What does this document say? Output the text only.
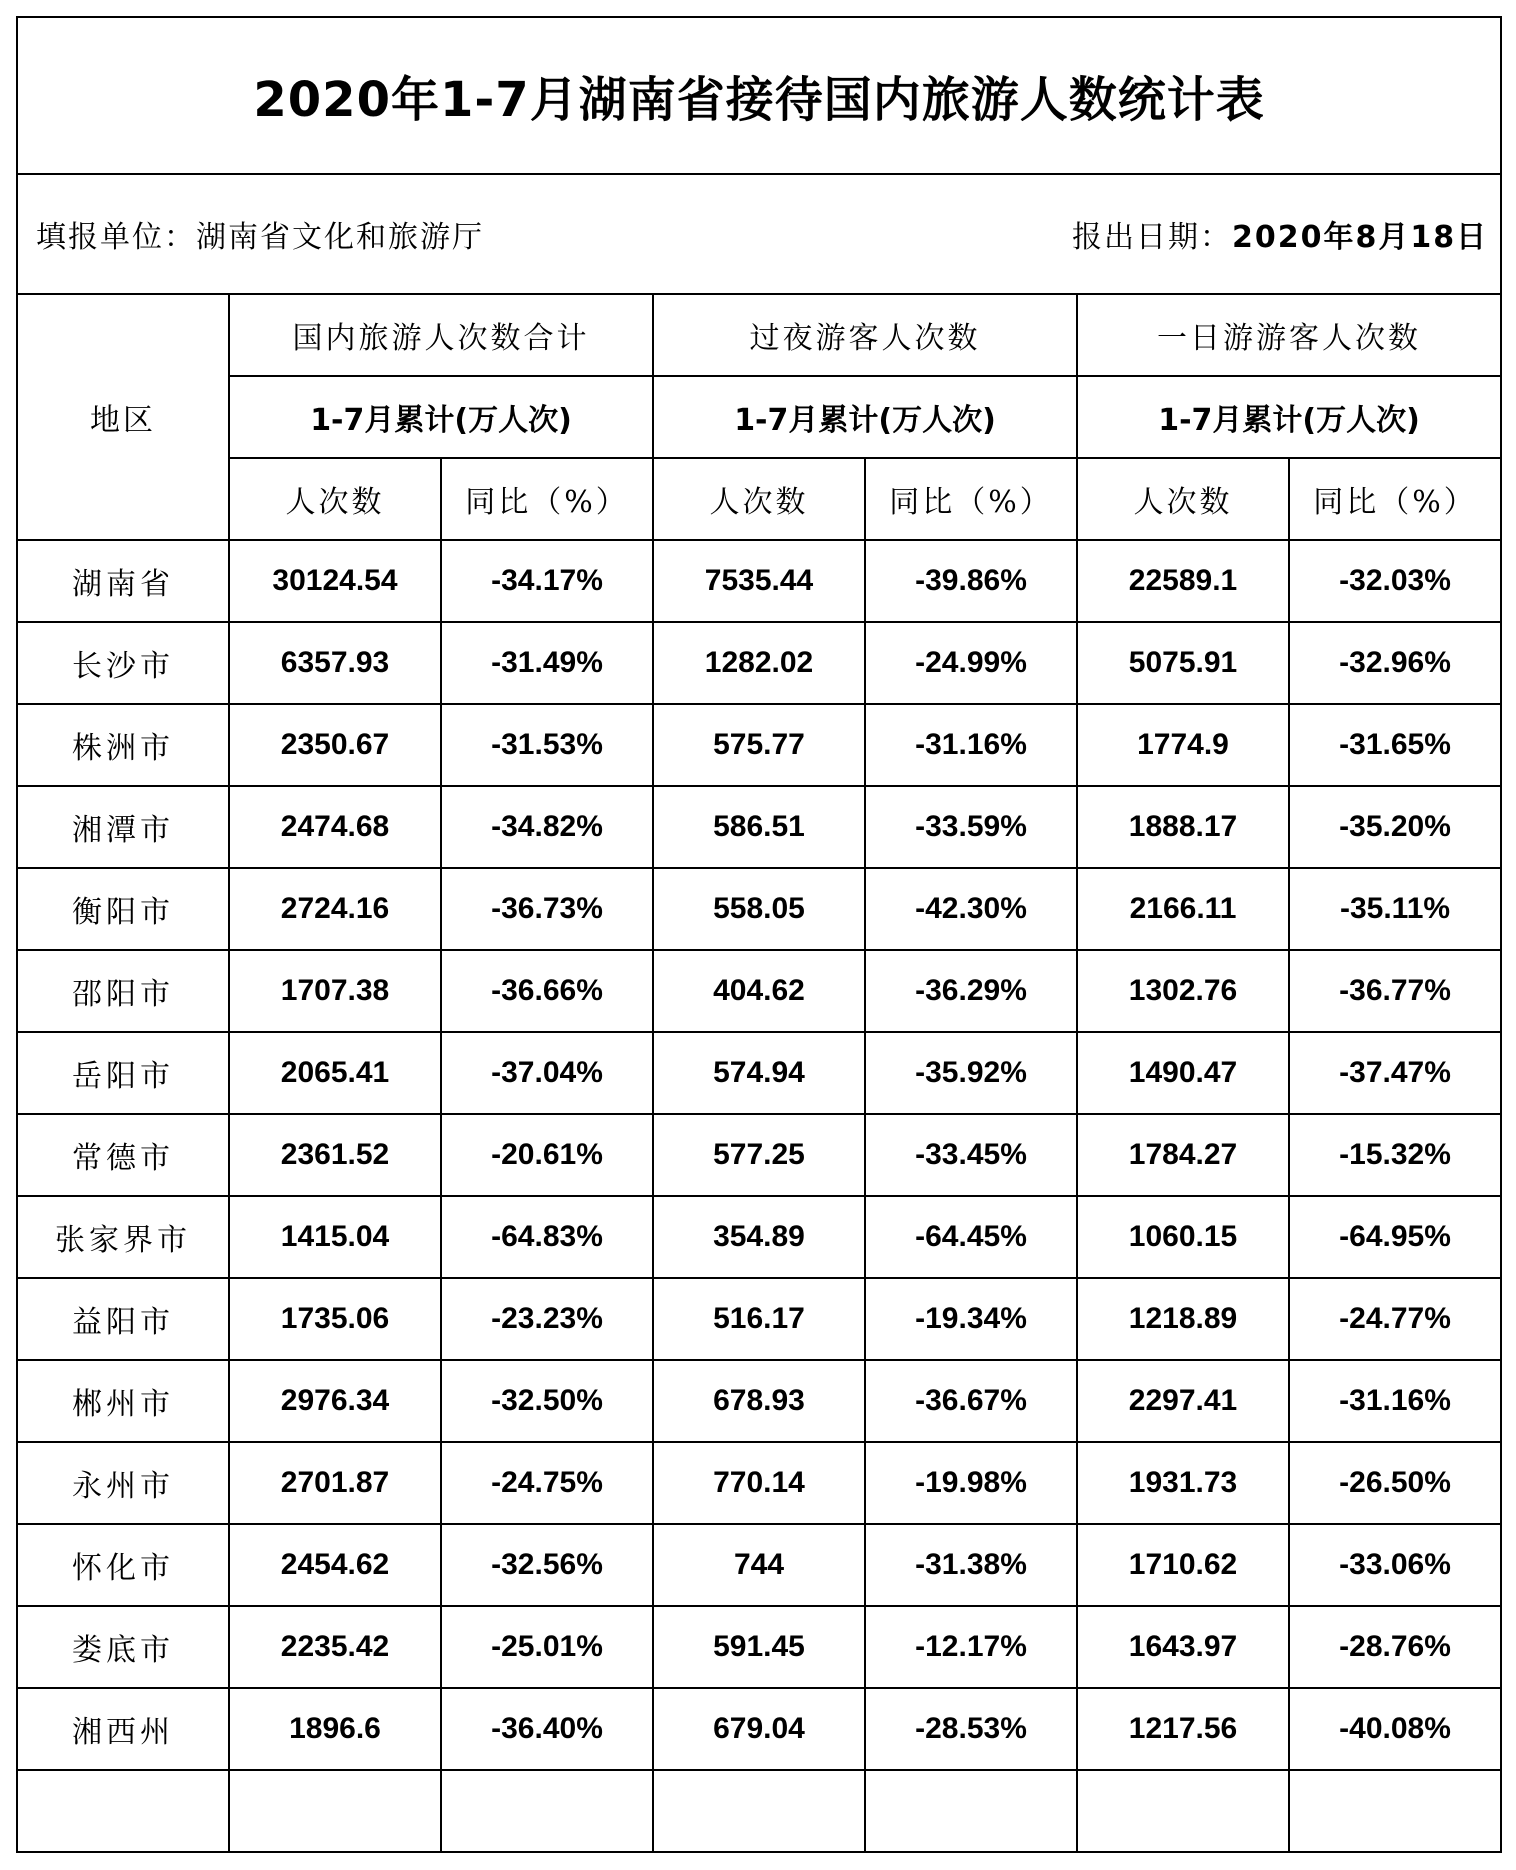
2020年1-7月湖南省接待国内旅游人数统计表						

填报单位：湖南省文化和旅游厅 报出日期：2020年8月18日						

地区	国内旅游人次数合计		过夜游客人次数		一日游游客人次数	
	1-7月累计(万人次)		1-7月累计(万人次)		1-7月累计(万人次)	
	人次数	同比（%）	人次数	同比（%）	人次数	同比（%）
湖南省	30124.54	-34.17%	7535.44	-39.86%	22589.1	-32.03%
长沙市	6357.93	-31.49%	1282.02	-24.99%	5075.91	-32.96%
株洲市	2350.67	-31.53%	575.77	-31.16%	1774.9	-31.65%
湘潭市	2474.68	-34.82%	586.51	-33.59%	1888.17	-35.20%
衡阳市	2724.16	-36.73%	558.05	-42.30%	2166.11	-35.11%
邵阳市	1707.38	-36.66%	404.62	-36.29%	1302.76	-36.77%
岳阳市	2065.41	-37.04%	574.94	-35.92%	1490.47	-37.47%
常德市	2361.52	-20.61%	577.25	-33.45%	1784.27	-15.32%
张家界市	1415.04	-64.83%	354.89	-64.45%	1060.15	-64.95%
益阳市	1735.06	-23.23%	516.17	-19.34%	1218.89	-24.77%
郴州市	2976.34	-32.50%	678.93	-36.67%	2297.41	-31.16%
永州市	2701.87	-24.75%	770.14	-19.98%	1931.73	-26.50%
怀化市	2454.62	-32.56%	744	-31.38%	1710.62	-33.06%
娄底市	2235.42	-25.01%	591.45	-12.17%	1643.97	-28.76%
湘西州	1896.6	-36.40%	679.04	-28.53%	1217.56	-40.08%
